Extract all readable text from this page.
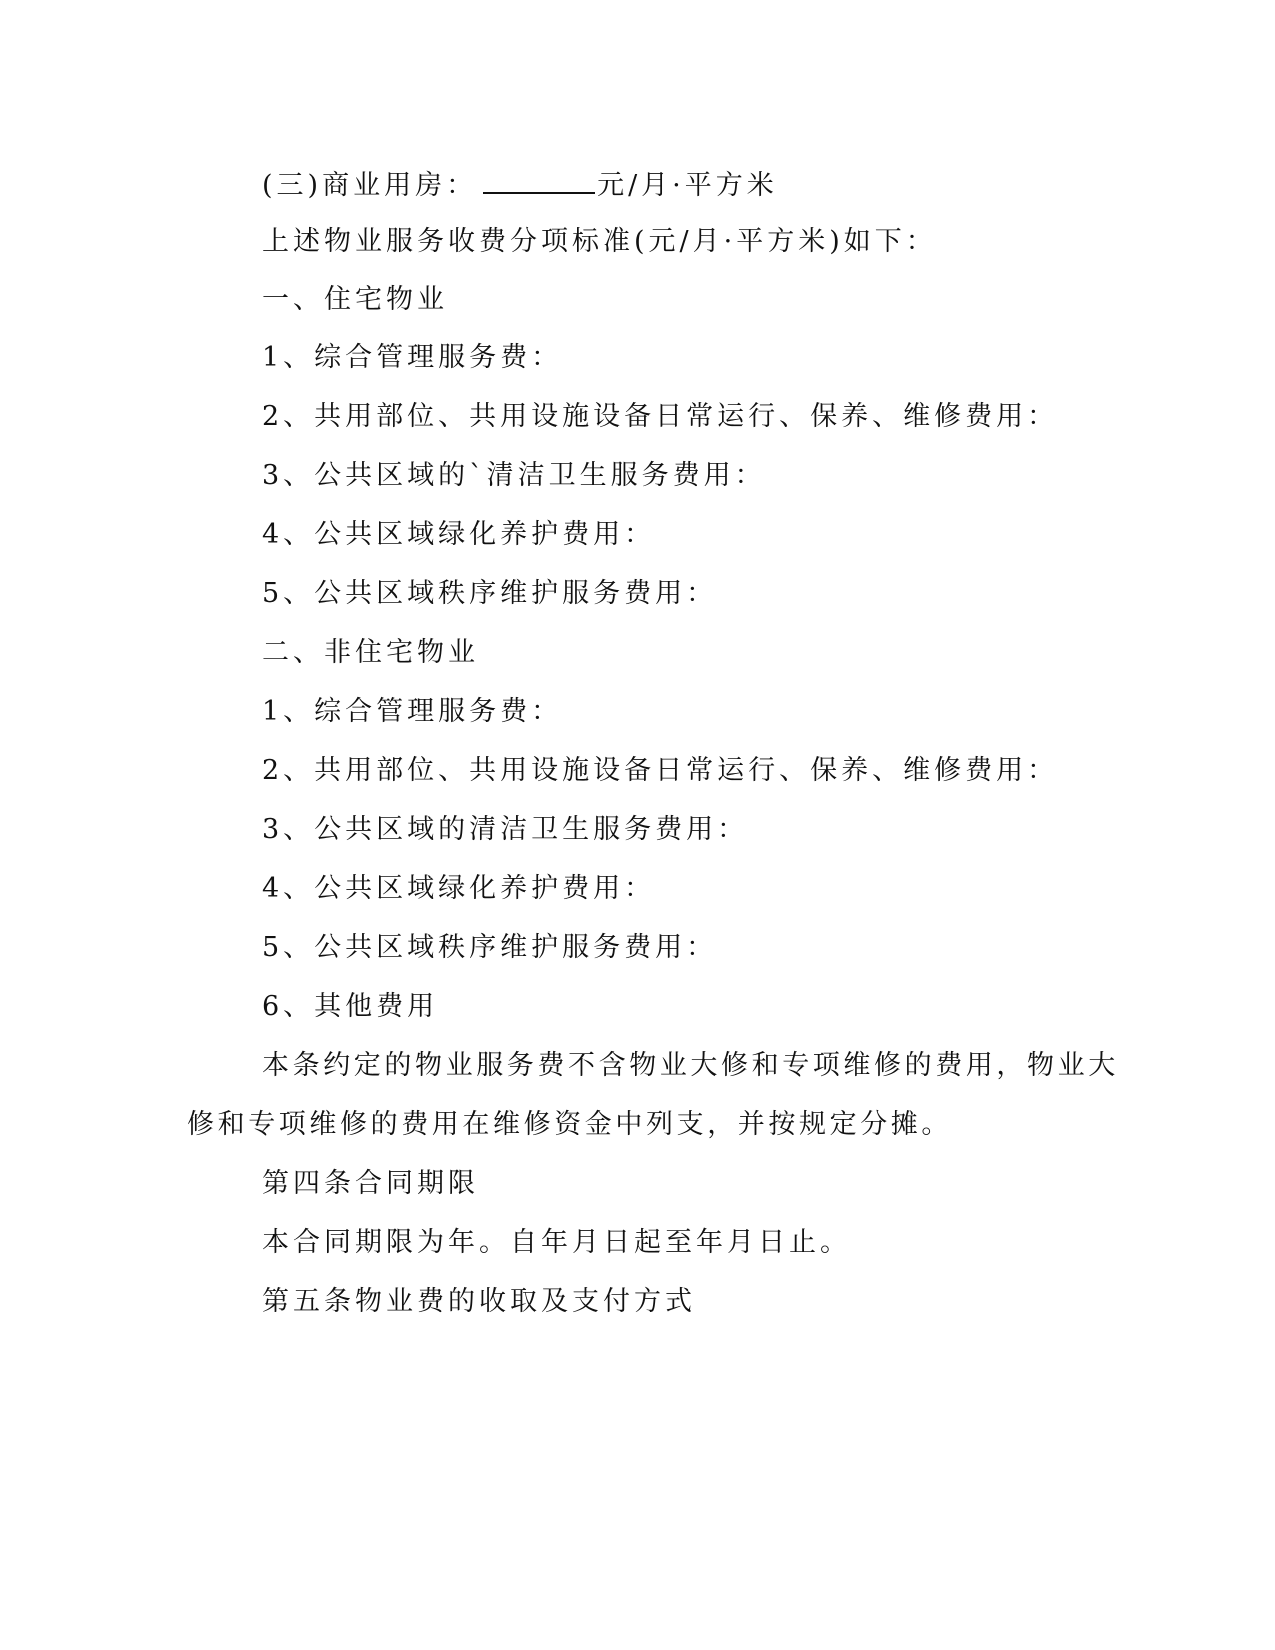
(三)商业用房：	元/月·平方米

上述物业服务收费分项标准(元/月·平方米)如下：

一、住宅物业

1、综合管理服务费：

2、共用部位、共用设施设备日常运行、保养、维修费用：

3、公共区域的`清洁卫生服务费用：

4、公共区域绿化养护费用：

5、公共区域秩序维护服务费用：

二、非住宅物业

1、综合管理服务费：

2、共用部位、共用设施设备日常运行、保养、维修费用：

3、公共区域的清洁卫生服务费用：

4、公共区域绿化养护费用：

5、公共区域秩序维护服务费用：

6、其他费用

本条约定的物业服务费不含物业大修和专项维修的费用，物业大

修和专项维修的费用在维修资金中列支，并按规定分摊。

第四条合同期限

本合同期限为年。自年月日起至年月日止。

第五条物业费的收取及支付方式
